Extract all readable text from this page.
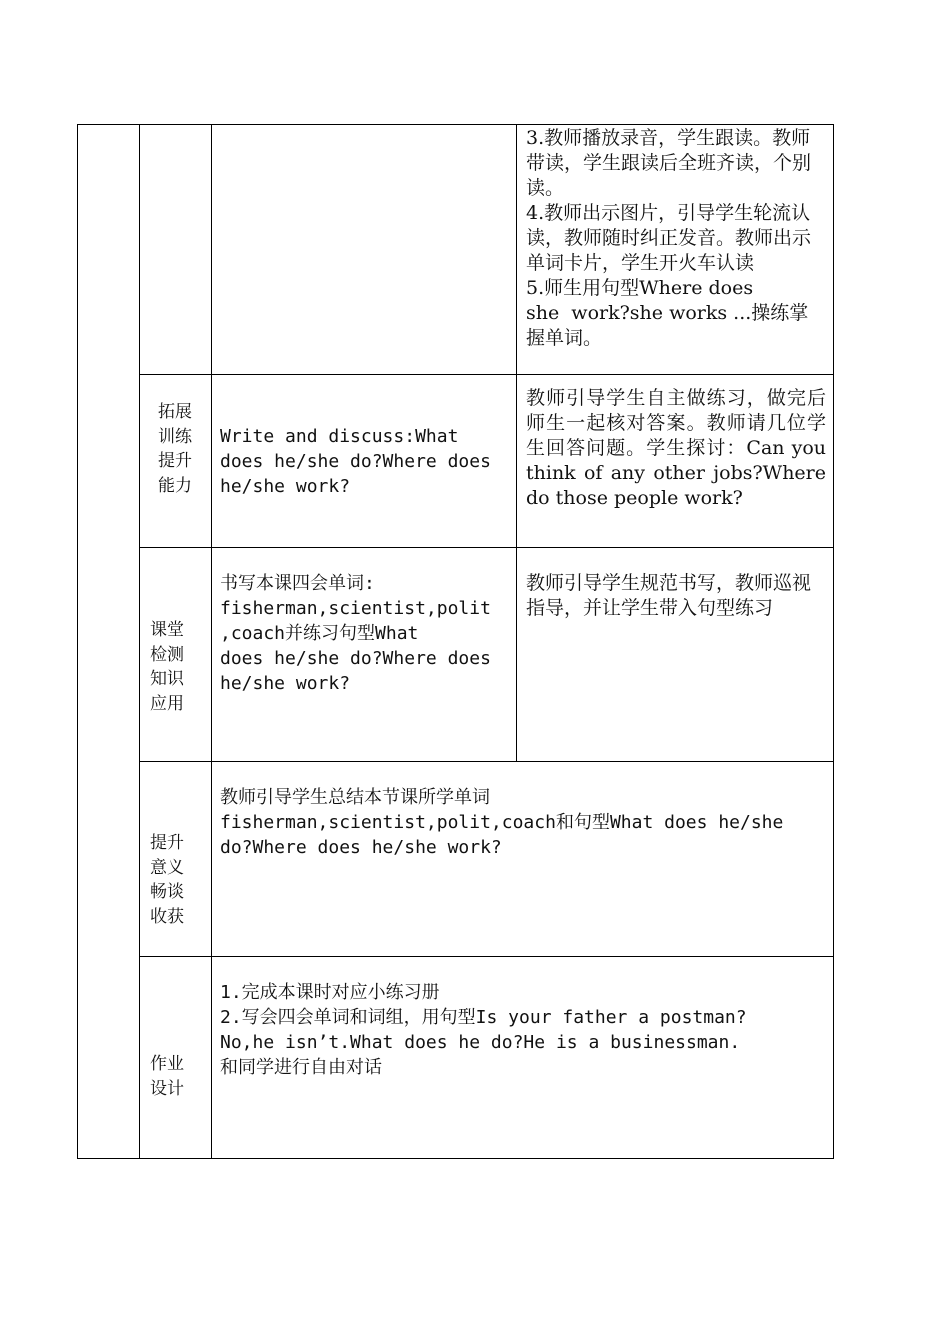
3.教师播放录音，学生跟读。教师带读，学生跟读后全班齐读，个别读。
4.教师出示图片，引导学生轮流认读，教师随时纠正发音。教师出示单词卡片，学生开火车认读
5.师生用句型Where does
she  work?she works ...操练掌握单词。
拓展
训练
提升
能力
Write and discuss:What
does he/she do?Where does
he/she work?
教师引导学生自主做练习，做完后师生一起核对答案。教师请几位学生回答问题。学生探讨：Can you think of any other jobs?Where do those people work?
课堂
检测
知识
应用
书写本课四会单词:
fisherman,scientist,polit
,coach并练习句型What
does he/she do?Where does
he/she work?
教师引导学生规范书写，教师巡视指导，并让学生带入句型练习
提升
意义
畅谈
收获
教师引导学生总结本节课所学单词
fisherman,scientist,polit,coach和句型What does he/she
do?Where does he/she work?
作业
设计
1.完成本课时对应小练习册
2.写会四会单词和词组，用句型Is your father a postman?
No,he isn’t.What does he do?He is a businessman.
和同学进行自由对话
